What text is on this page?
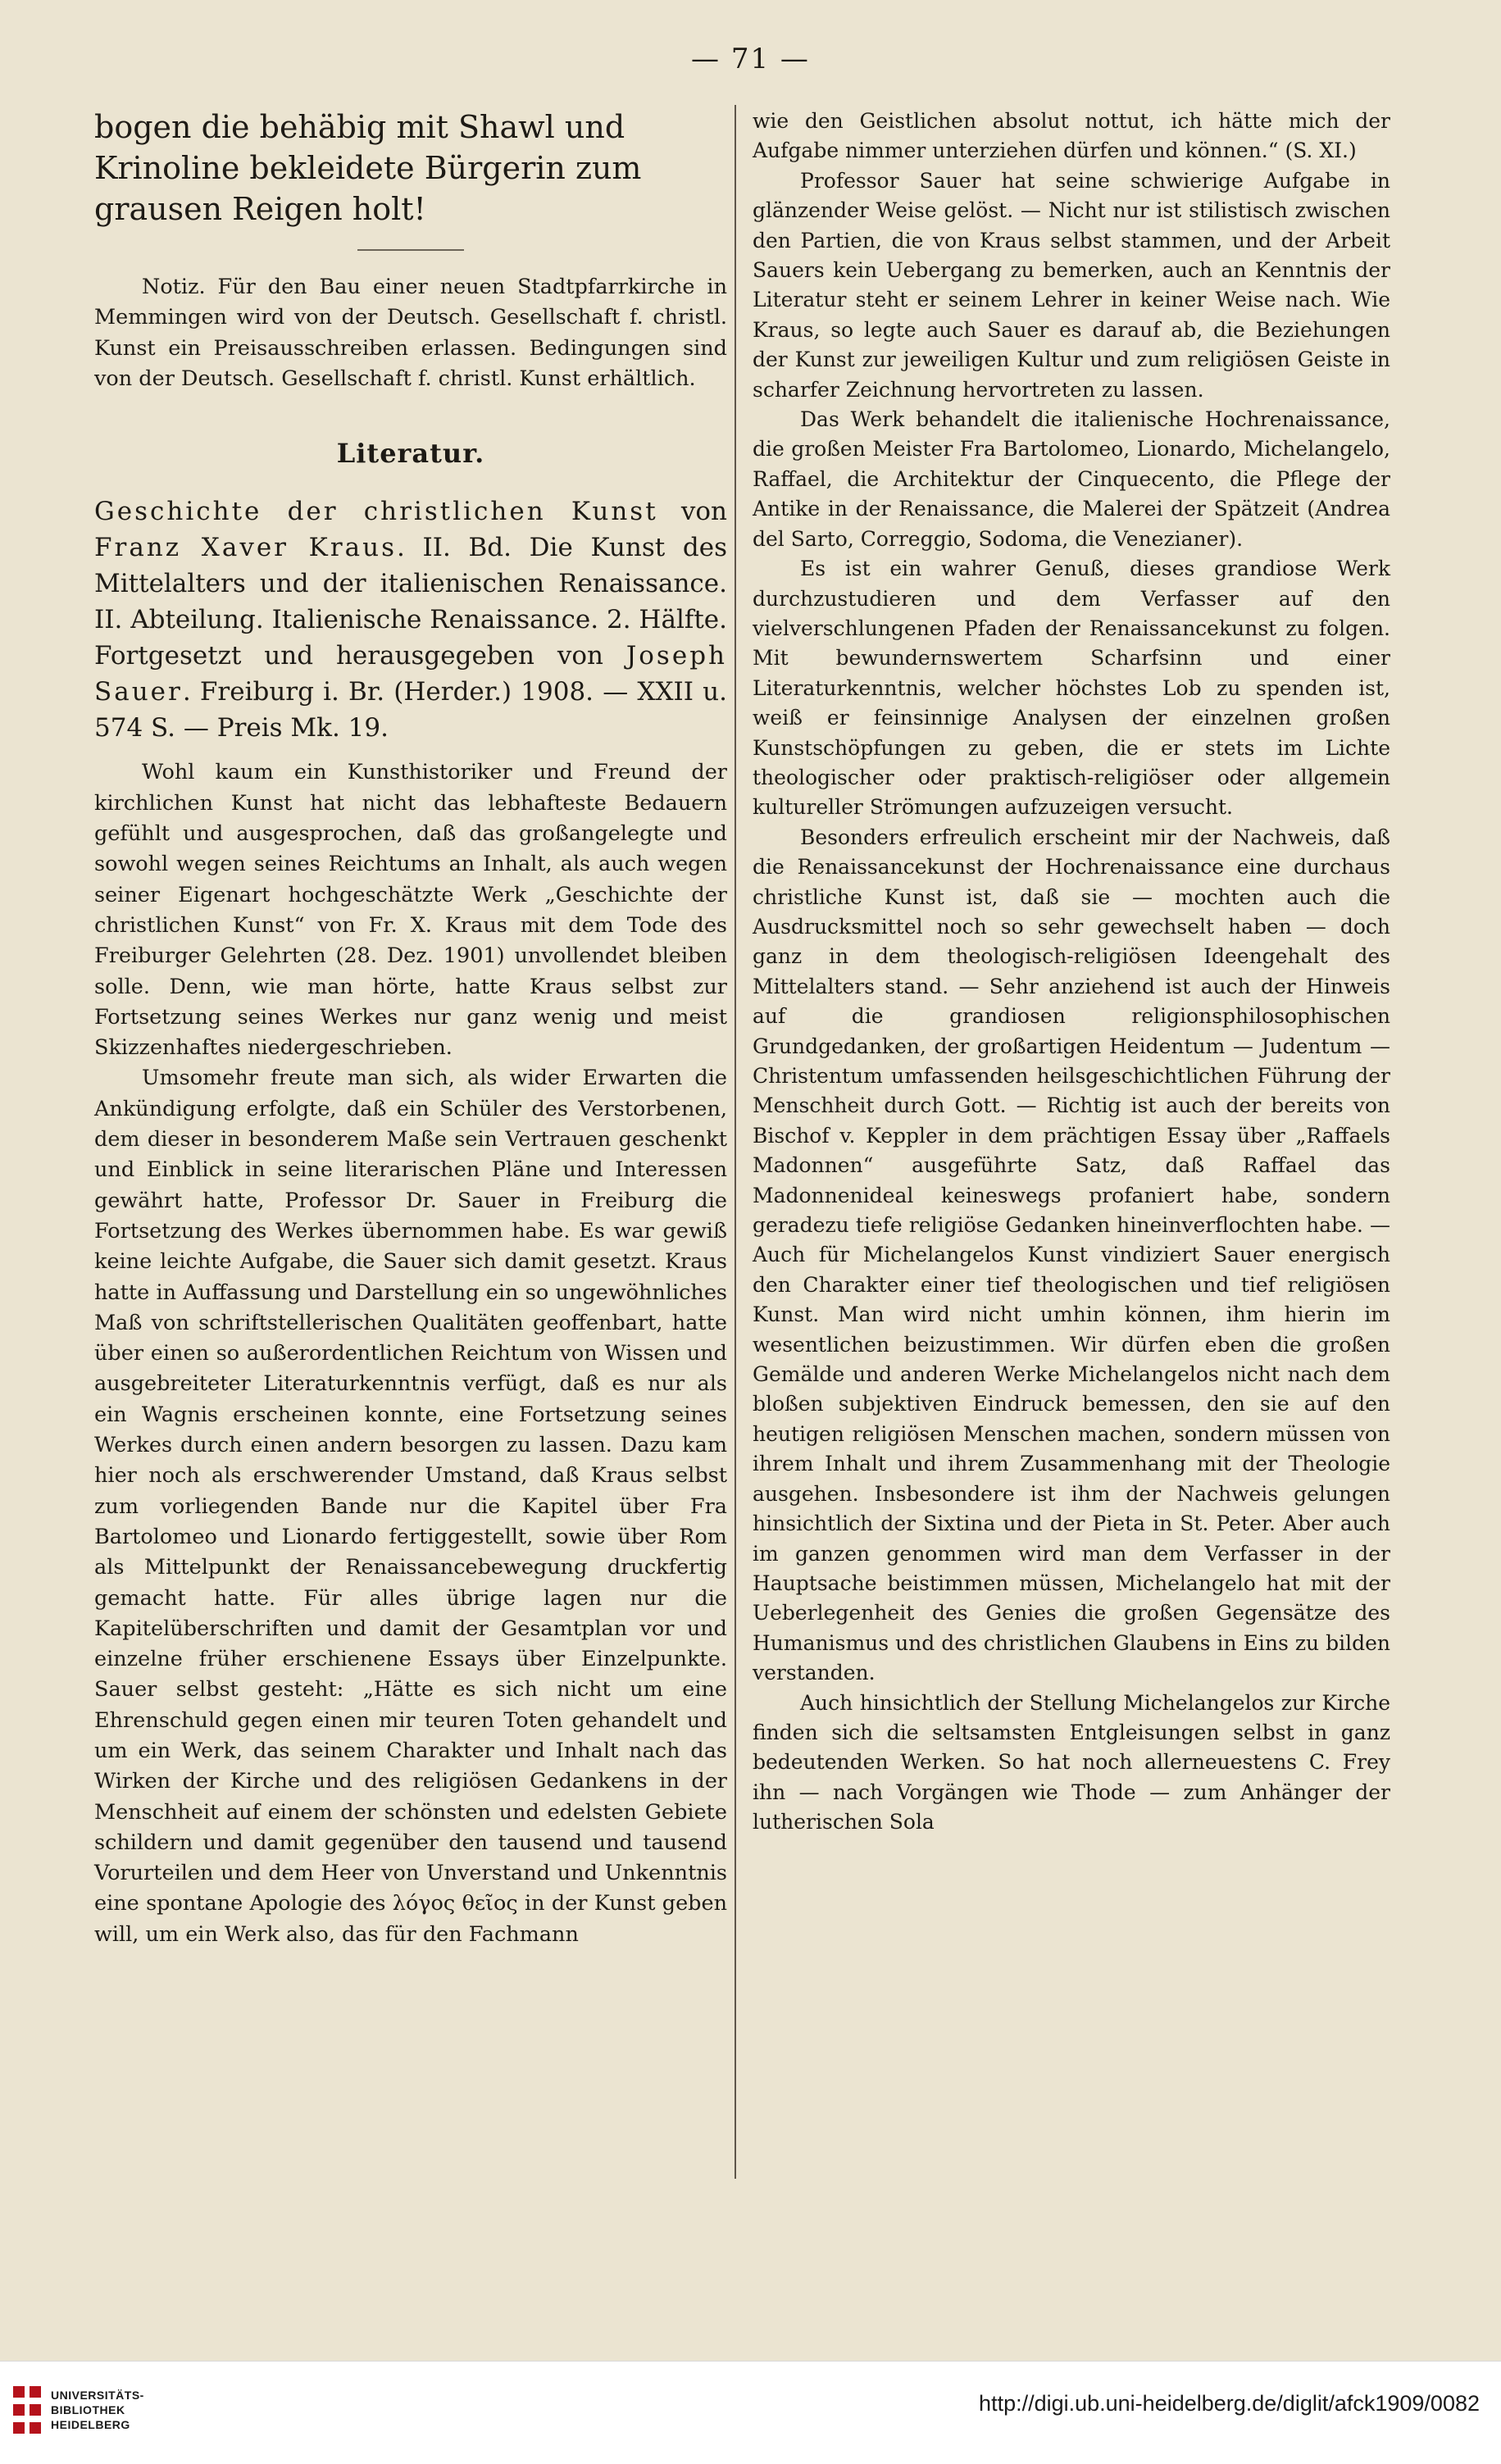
— 71 —

bogen die behäbig mit Shawl und Krinoline bekleidete Bürgerin zum grausen Reigen holt!

Notiz. Für den Bau einer neuen Stadtpfarrkirche in Memmingen wird von der Deutsch. Gesellschaft f. christl. Kunst ein Preisausschreiben erlassen. Bedingungen sind von der Deutsch. Gesellschaft f. christl. Kunst erhältlich.

Literatur.

Geschichte der christlichen Kunst von Franz Xaver Kraus. II. Bd. Die Kunst des Mittelalters und der italienischen Renaissance. II. Abteilung. Italienische Renaissance. 2. Hälfte. Fortgesetzt und herausgegeben von Joseph Sauer. Freiburg i. Br. (Herder.) 1908. — XXII u. 574 S. — Preis Mk. 19.

Wohl kaum ein Kunsthistoriker und Freund der kirchlichen Kunst hat nicht das lebhafteste Bedauern gefühlt und ausgesprochen, daß das großangelegte und sowohl wegen seines Reichtums an Inhalt, als auch wegen seiner Eigenart hochgeschätzte Werk „Geschichte der christlichen Kunst“ von Fr. X. Kraus mit dem Tode des Freiburger Gelehrten (28. Dez. 1901) unvollendet bleiben solle. Denn, wie man hörte, hatte Kraus selbst zur Fortsetzung seines Werkes nur ganz wenig und meist Skizzenhaftes niedergeschrieben.

Umsomehr freute man sich, als wider Erwarten die Ankündigung erfolgte, daß ein Schüler des Verstorbenen, dem dieser in besonderem Maße sein Vertrauen geschenkt und Einblick in seine literarischen Pläne und Interessen gewährt hatte, Professor Dr. Sauer in Freiburg die Fortsetzung des Werkes übernommen habe. Es war gewiß keine leichte Aufgabe, die Sauer sich damit gesetzt. Kraus hatte in Auffassung und Darstellung ein so ungewöhnliches Maß von schriftstellerischen Qualitäten geoffenbart, hatte über einen so außerordentlichen Reichtum von Wissen und ausgebreiteter Literaturkenntnis verfügt, daß es nur als ein Wagnis erscheinen konnte, eine Fortsetzung seines Werkes durch einen andern besorgen zu lassen. Dazu kam hier noch als erschwerender Umstand, daß Kraus selbst zum vorliegenden Bande nur die Kapitel über Fra Bartolomeo und Lionardo fertiggestellt, sowie über Rom als Mittelpunkt der Renaissancebewegung druckfertig gemacht hatte. Für alles übrige lagen nur die Kapitelüberschriften und damit der Gesamtplan vor und einzelne früher erschienene Essays über Einzelpunkte. Sauer selbst gesteht: „Hätte es sich nicht um eine Ehrenschuld gegen einen mir teuren Toten gehandelt und um ein Werk, das seinem Charakter und Inhalt nach das Wirken der Kirche und des religiösen Gedankens in der Menschheit auf einem der schönsten und edelsten Gebiete schildern und damit gegenüber den tausend und tausend Vorurteilen und dem Heer von Unverstand und Unkenntnis eine spontane Apologie des λόγος θεῖος in der Kunst geben will, um ein Werk also, das für den Fachmann

wie den Geistlichen absolut nottut, ich hätte mich der Aufgabe nimmer unterziehen dürfen und können.“ (S. XI.)

Professor Sauer hat seine schwierige Aufgabe in glänzender Weise gelöst. — Nicht nur ist stilistisch zwischen den Partien, die von Kraus selbst stammen, und der Arbeit Sauers kein Uebergang zu bemerken, auch an Kenntnis der Literatur steht er seinem Lehrer in keiner Weise nach. Wie Kraus, so legte auch Sauer es darauf ab, die Beziehungen der Kunst zur jeweiligen Kultur und zum religiösen Geiste in scharfer Zeichnung hervortreten zu lassen.

Das Werk behandelt die italienische Hochrenaissance, die großen Meister Fra Bartolomeo, Lionardo, Michelangelo, Raffael, die Architektur der Cinquecento, die Pflege der Antike in der Renaissance, die Malerei der Spätzeit (Andrea del Sarto, Correggio, Sodoma, die Venezianer).

Es ist ein wahrer Genuß, dieses grandiose Werk durchzustudieren und dem Verfasser auf den vielverschlungenen Pfaden der Renaissancekunst zu folgen. Mit bewundernswertem Scharfsinn und einer Literaturkenntnis, welcher höchstes Lob zu spenden ist, weiß er feinsinnige Analysen der einzelnen großen Kunstschöpfungen zu geben, die er stets im Lichte theologischer oder praktisch-religiöser oder allgemein kultureller Strömungen aufzuzeigen versucht.

Besonders erfreulich erscheint mir der Nachweis, daß die Renaissancekunst der Hochrenaissance eine durchaus christliche Kunst ist, daß sie — mochten auch die Ausdrucksmittel noch so sehr gewechselt haben — doch ganz in dem theologisch-religiösen Ideengehalt des Mittelalters stand. — Sehr anziehend ist auch der Hinweis auf die grandiosen religionsphilosophischen Grundgedanken, der großartigen Heidentum — Judentum — Christentum umfassenden heilsgeschichtlichen Führung der Menschheit durch Gott. — Richtig ist auch der bereits von Bischof v. Keppler in dem prächtigen Essay über „Raffaels Madonnen“ ausgeführte Satz, daß Raffael das Madonnenideal keineswegs profaniert habe, sondern geradezu tiefe religiöse Gedanken hineinverflochten habe. — Auch für Michelangelos Kunst vindiziert Sauer energisch den Charakter einer tief theologischen und tief religiösen Kunst. Man wird nicht umhin können, ihm hierin im wesentlichen beizustimmen. Wir dürfen eben die großen Gemälde und anderen Werke Michelangelos nicht nach dem bloßen subjektiven Eindruck bemessen, den sie auf den heutigen religiösen Menschen machen, sondern müssen von ihrem Inhalt und ihrem Zusammenhang mit der Theologie ausgehen. Insbesondere ist ihm der Nachweis gelungen hinsichtlich der Sixtina und der Pieta in St. Peter. Aber auch im ganzen genommen wird man dem Verfasser in der Hauptsache beistimmen müssen, Michelangelo hat mit der Ueberlegenheit des Genies die großen Gegensätze des Humanismus und des christlichen Glaubens in Eins zu bilden verstanden.

Auch hinsichtlich der Stellung Michelangelos zur Kirche finden sich die seltsamsten Entgleisungen selbst in ganz bedeutenden Werken. So hat noch allerneuestens C. Frey ihn — nach Vorgängen wie Thode — zum Anhänger der lutherischen Sola

UNIVERSITÄTS-
BIBLIOTHEK
HEIDELBERG
http://digi.ub.uni-heidelberg.de/diglit/afck1909/0082
